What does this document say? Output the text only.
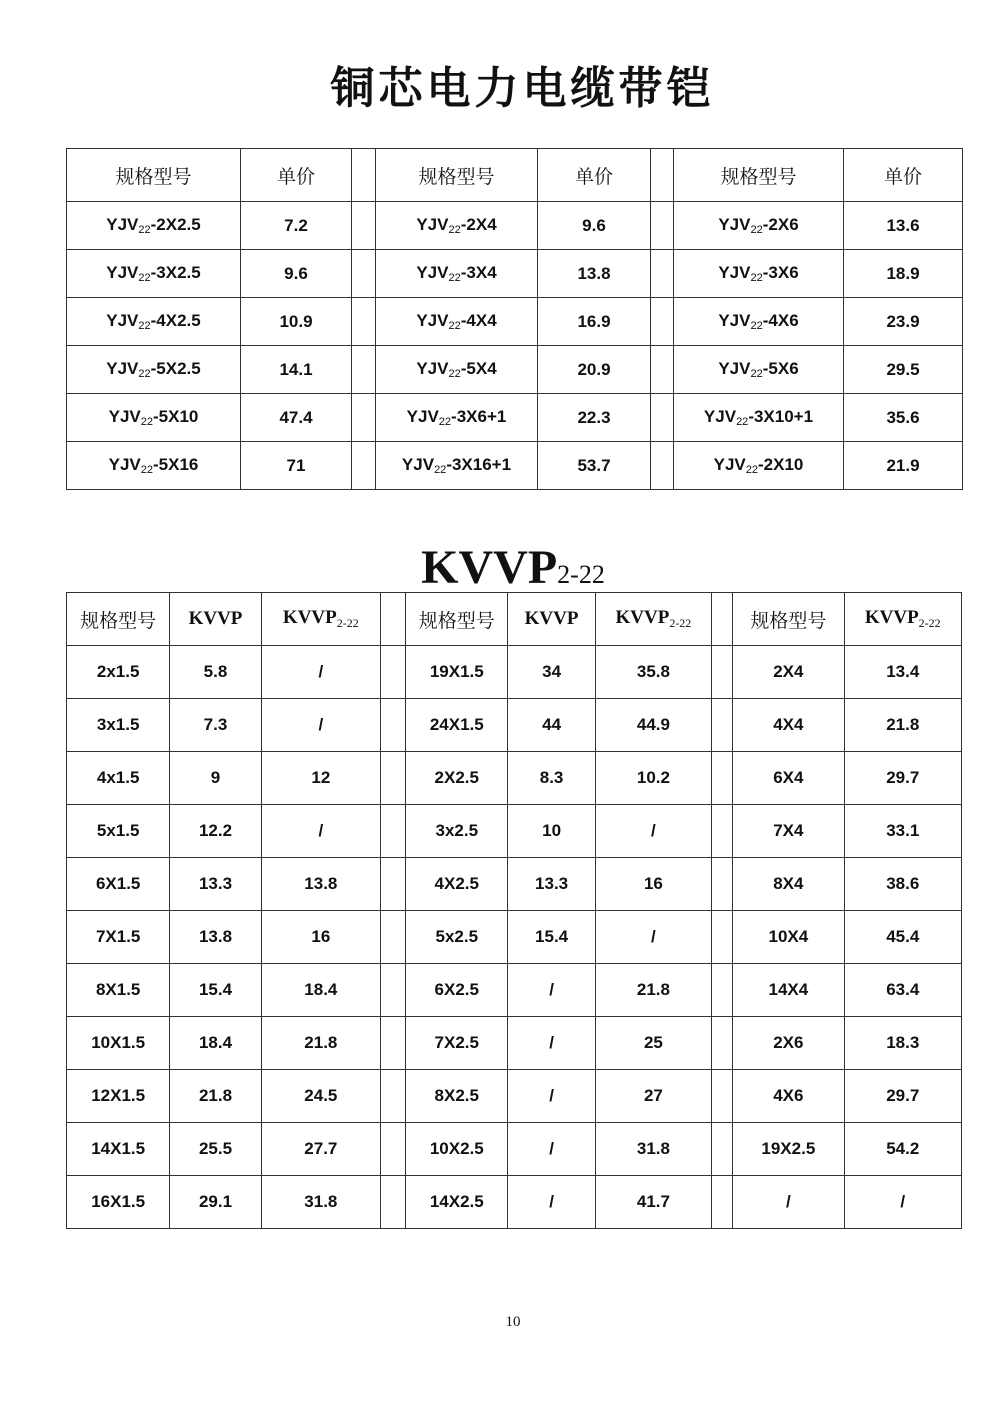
铜芯电力电缆带铠
规格型号	单价		规格型号	单价		规格型号	单价
YJV22-2X2.5	7.2		YJV22-2X4	9.6		YJV22-2X6	13.6
YJV22-3X2.5	9.6		YJV22-3X4	13.8		YJV22-3X6	18.9
YJV22-4X2.5	10.9		YJV22-4X4	16.9		YJV22-4X6	23.9
YJV22-5X2.5	14.1		YJV22-5X4	20.9		YJV22-5X6	29.5
YJV22-5X10	47.4		YJV22-3X6+1	22.3		YJV22-3X10+1	35.6
YJV22-5X16	71		YJV22-3X16+1	53.7		YJV22-2X10	21.9
KVVP2-22
规格型号	KVVP	$KVVP_{2-22}$		规格型号	KVVP	$KVVP_{2-22}$		规格型号	$KVVP_{2-22}$
2x1.5	5.8	/		19X1.5	34	35.8		2X4	13.4
3x1.5	7.3	/		24X1.5	44	44.9		4X4	21.8
4x1.5	9	12		2X2.5	8.3	10.2		6X4	29.7
5x1.5	12.2	/		3x2.5	10	/		7X4	33.1
6X1.5	13.3	13.8		4X2.5	13.3	16		8X4	38.6
7X1.5	13.8	16		5x2.5	15.4	/		10X4	45.4
8X1.5	15.4	18.4		6X2.5	/	21.8		14X4	63.4
10X1.5	18.4	21.8		7X2.5	/	25		2X6	18.3
12X1.5	21.8	24.5		8X2.5	/	27		4X6	29.7
14X1.5	25.5	27.7		10X2.5	/	31.8		19X2.5	54.2
16X1.5	29.1	31.8		14X2.5	/	41.7		/	/
10
